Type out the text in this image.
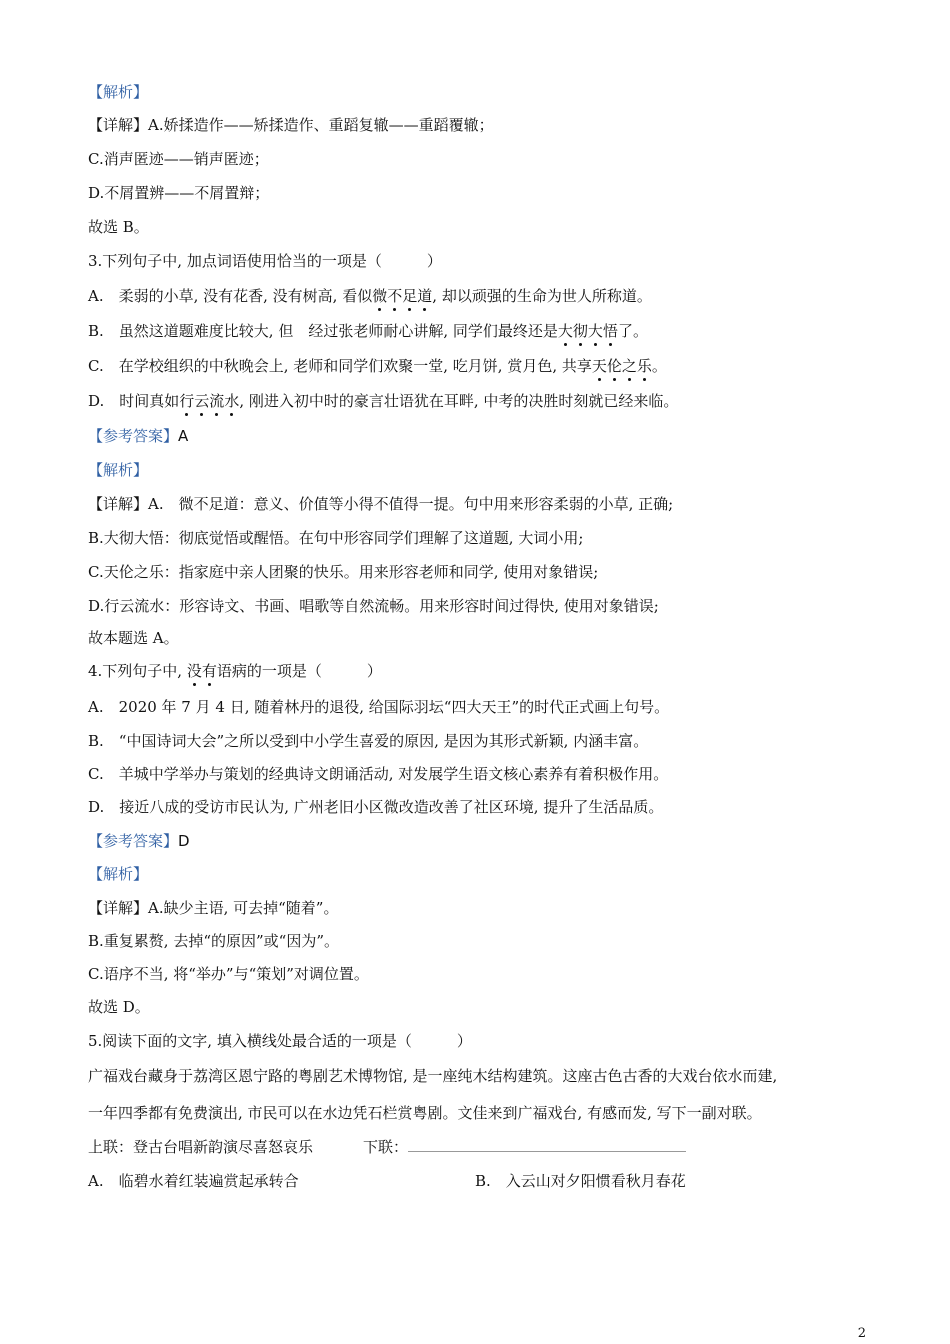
【解析】
【详解】A.娇揉造作——矫揉造作、重蹈复辙——重蹈覆辙；
C.消声匿迹——销声匿迹；
D.不屑置辨——不屑置辩；
故选 B。
3.下列句子中, 加点词语使用恰当的一项是（　　　）
A.　柔弱的小草, 没有花香, 没有树高, 看似微不足道, 却以顽强的生命为世人所称道。
B.　虽然这道题难度比较大, 但　经过张老师耐心讲解, 同学们最终还是大彻大悟了。
C.　在学校组织的中秋晚会上, 老师和同学们欢聚一堂, 吃月饼, 赏月色, 共享天伦之乐。
D.　时间真如行云流水, 刚进入初中时的豪言壮语犹在耳畔, 中考的决胜时刻就已经来临。
【参考答案】A
【解析】
【详解】A.　微不足道：意义、价值等小得不值得一提。句中用来形容柔弱的小草, 正确;
B.大彻大悟：彻底觉悟或醒悟。在句中形容同学们理解了这道题, 大词小用;
C.天伦之乐：指家庭中亲人团聚的快乐。用来形容老师和同学, 使用对象错误;
D.行云流水：形容诗文、书画、唱歌等自然流畅。用来形容时间过得快, 使用对象错误;
故本题选 A。
4.下列句子中, 没有语病的一项是（　　　）
A.　2020 年 7 月 4 日, 随着林丹的退役, 给国际羽坛“四大天王”的时代正式画上句号。
B.　“中国诗词大会”之所以受到中小学生喜爱的原因, 是因为其形式新颖, 内涵丰富。
C.　羊城中学举办与策划的经典诗文朗诵活动, 对发展学生语文核心素养有着积极作用。
D.　接近八成的受访市民认为, 广州老旧小区微改造改善了社区环境, 提升了生活品质。
【参考答案】D
【解析】
【详解】A.缺少主语, 可去掉“随着”。
B.重复累赘, 去掉“的原因”或“因为”。
C.语序不当, 将“举办”与“策划”对调位置。
故选 D。
5.阅读下面的文字, 填入横线处最合适的一项是（　　　）
广福戏台藏身于荔湾区恩宁路的粤剧艺术博物馆, 是一座纯木结构建筑。这座古色古香的大戏台依水而建,
一年四季都有免费演出, 市民可以在水边凭石栏赏粤剧。文佳来到广福戏台, 有感而发, 写下一副对联。
上联：登古台唱新韵演尽喜怒哀乐	下联：
A.　临碧水着红装遍赏起承转合	B.　入云山对夕阳惯看秋月春花
2
